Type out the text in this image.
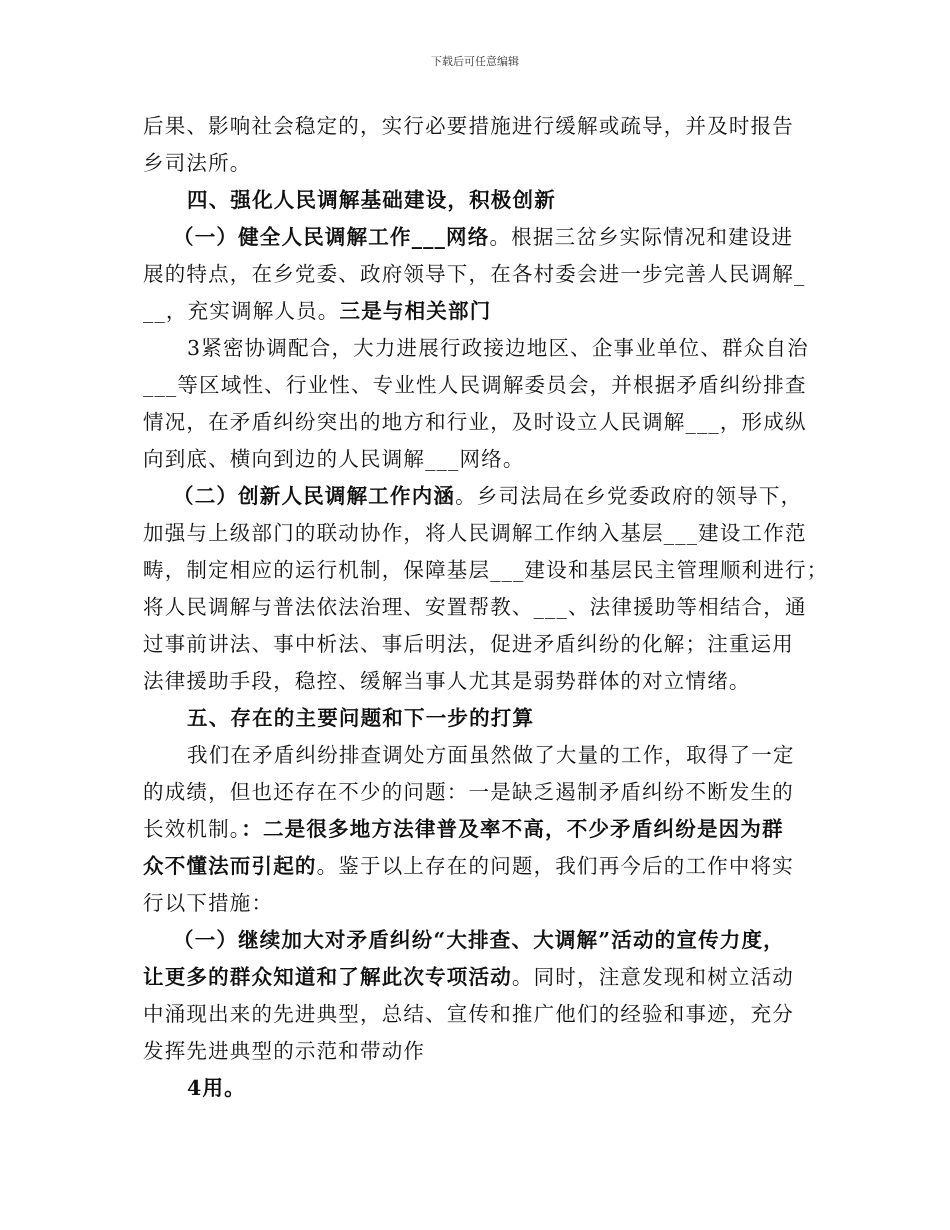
下载后可任意编辑
后果、影响社会稳定的，实行必要措施进行缓解或疏导，并及时报告
乡司法所。
四、强化人民调解基础建设，积极创新
（一）健全人民调解工作___网络。根据三岔乡实际情况和建设进
展的特点，在乡党委、政府领导下，在各村委会进一步完善人民调解_
__，充实调解人员。三是与相关部门
3紧密协调配合，大力进展行政接边地区、企事业单位、群众自治
___等区域性、行业性、专业性人民调解委员会，并根据矛盾纠纷排查
情况，在矛盾纠纷突出的地方和行业，及时设立人民调解___，形成纵
向到底、横向到边的人民调解___网络。
（二）创新人民调解工作内涵。乡司法局在乡党委政府的领导下，
加强与上级部门的联动协作，将人民调解工作纳入基层___建设工作范
畴，制定相应的运行机制，保障基层___建设和基层民主管理顺利进行；
将人民调解与普法依法治理、安置帮教、___、法律援助等相结合，通
过事前讲法、事中析法、事后明法，促进矛盾纠纷的化解；注重运用
法律援助手段，稳控、缓解当事人尤其是弱势群体的对立情绪。
五、存在的主要问题和下一步的打算
我们在矛盾纠纷排查调处方面虽然做了大量的工作，取得了一定
的成绩，但也还存在不少的问题：一是缺乏遏制矛盾纠纷不断发生的
长效机制。：二是很多地方法律普及率不高，不少矛盾纠纷是因为群
众不懂法而引起的。鉴于以上存在的问题，我们再今后的工作中将实
行以下措施：
（一）继续加大对矛盾纠纷“大排查、大调解”活动的宣传力度，
让更多的群众知道和了解此次专项活动。同时，注意发现和树立活动
中涌现出来的先进典型，总结、宣传和推广他们的经验和事迹，充分
发挥先进典型的示范和带动作
4用。
